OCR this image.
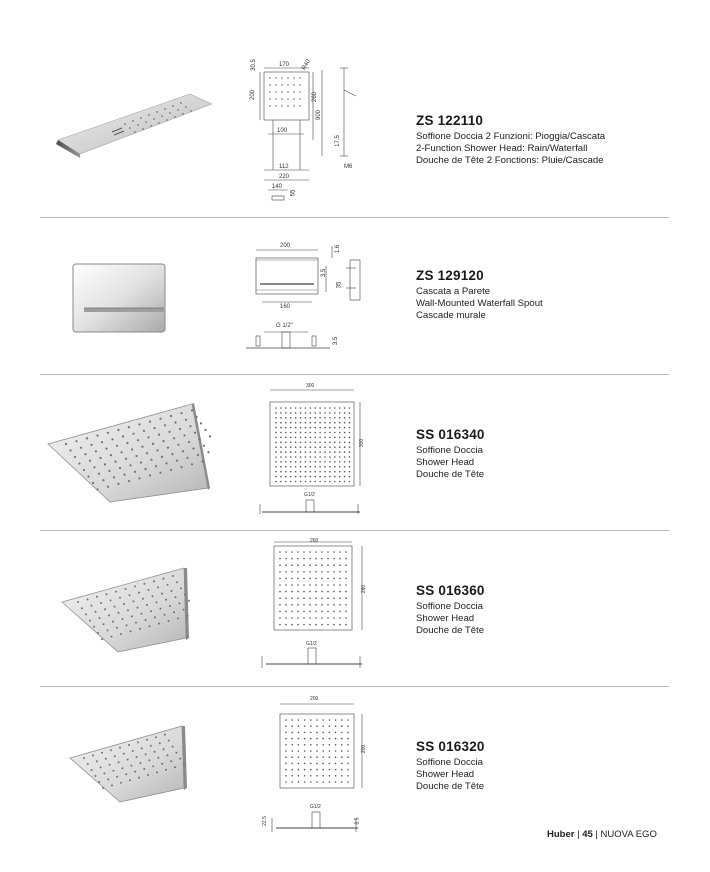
30.5	170 R40
200	260
100
900
17.5
112
220
140
55
M6
ZS 122110
Soffione Doccia 2 Funzioni: Pioggia/Cascata
2-Function Shower Head: Rain/Waterfall
Douche de Tête 2 Fonctions: Pluie/Cascade
200	1.6
3.5
35
160
G 1/2"
3.5
ZS 129120
Cascata a Parete
Wall-Mounted Waterfall Spout
Cascade murale
300
300
G1/2
SS 016340
Soffione Doccia
Shower Head
Douche de Tête
260
260
G1/2
SS 016360
Soffione Doccia
Shower Head
Douche de Tête
200
200
G1/2
22.5	8.5
SS 016320
Soffione Doccia
Shower Head
Douche de Tête
Huber | 45 | NUOVA EGO
